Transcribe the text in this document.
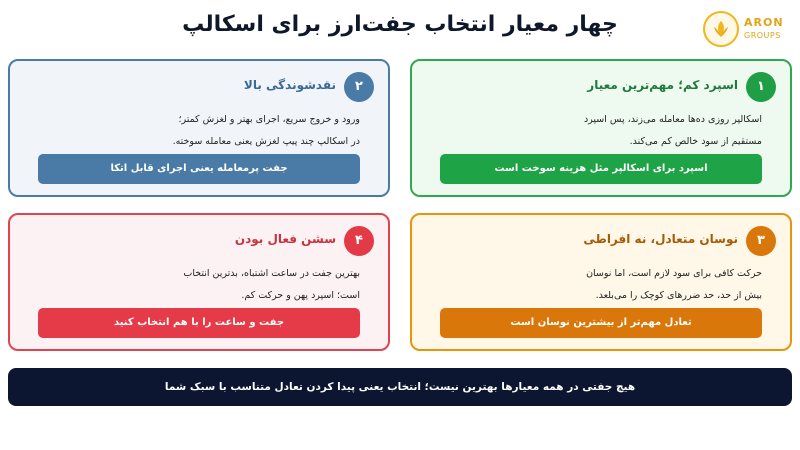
چهار معیار انتخاب جفت‌ارز برای اسکالپ	ARON
GROUPS
۱
اسپرد کم؛ مهم‌ترین معیار
اسکالپر روزی ده‌ها معامله می‌زند، پس اسپرد
مستقیم از سود خالص کم می‌کند.
اسپرد برای اسکالپر مثل هزینه سوخت است
۲
نقدشوندگی بالا
ورود و خروج سریع، اجرای بهتر و لغزش کمتر؛
در اسکالپ چند پیپ لغزش یعنی معامله سوخته.
جفت پرمعامله یعنی اجرای قابل اتکا
۳
نوسان متعادل، نه افراطی
حرکت کافی برای سود لازم است، اما نوسان
بیش از حد، حد ضررهای کوچک را می‌بلعد.
تعادل مهم‌تر از بیشترین نوسان است
۴
سشن فعال بودن
بهترین جفت در ساعت اشتباه، بدترین انتخاب
است؛ اسپرد پهن و حرکت کم.
جفت و ساعت را با هم انتخاب کنید
هیچ جفتی در همه معیارها بهترین نیست؛ انتخاب یعنی پیدا کردن تعادل متناسب با سبک شما
